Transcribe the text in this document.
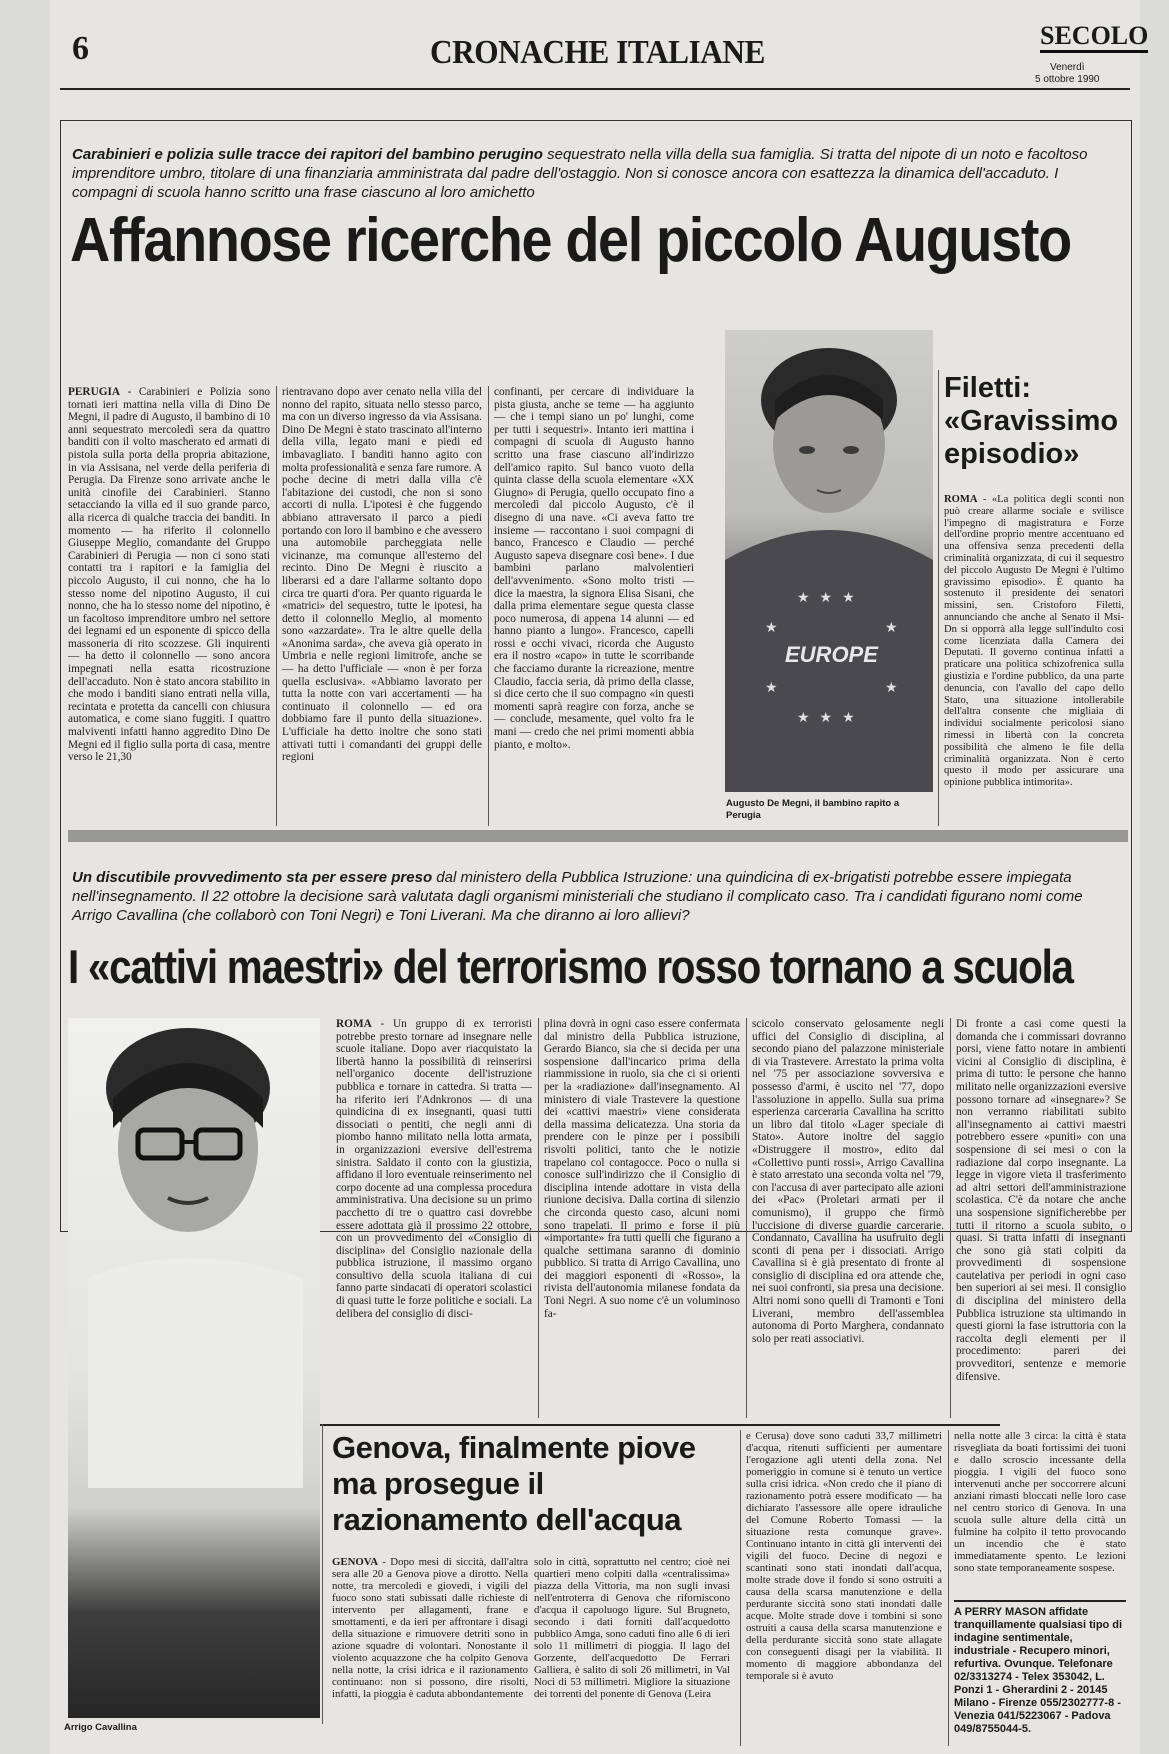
6	CRONACHE ITALIANE	SECOLO
Venerdì
5 ottobre 1990
Carabinieri e polizia sulle tracce dei rapitori del bambino perugino sequestrato nella villa della sua famiglia. Si tratta del nipote di un noto e facoltoso imprenditore umbro, titolare di una finanziaria amministrata dal padre dell'ostaggio. Non si conosce ancora con esattezza la dinamica dell'accaduto. I compagni di scuola hanno scritto una frase ciascuno al loro amichetto
Affannose ricerche del piccolo Augusto
PERUGIA - Carabinieri e Polizia sono tornati ieri mattina nella villa di Dino De Megni, il padre di Augusto, il bambino di 10 anni sequestrato mercoledì sera da quattro banditi con il volto mascherato ed armati di pistola sulla porta della propria abitazione, in via Assisana, nel verde della periferia di Perugia. Da Firenze sono arrivate anche le unità cinofile dei Carabinieri. Stanno setacciando la villa ed il suo grande parco, alla ricerca di qualche traccia dei banditi. In momento — ha riferito il colonnello Giuseppe Meglio, comandante del Gruppo Carabinieri di Perugia — non ci sono stati contatti tra i rapitori e la famiglia del piccolo Augusto, il cui nonno, che ha lo stesso nome del nipotino Augusto, il cui nonno, che ha lo stesso nome del nipotino, è un facoltoso imprenditore umbro nel settore dei legnami ed un esponente di spicco della massoneria di rito scozzese. Gli inquirenti — ha detto il colonnello — sono ancora impegnati nella esatta ricostruzione dell'accaduto. Non è stato ancora stabilito in che modo i banditi siano entrati nella villa, recintata e protetta da cancelli con chiusura automatica, e come siano fuggiti. I quattro malviventi infatti hanno aggredito Dino De Megni ed il figlio sulla porta di casa, mentre verso le 21,30
rientravano dopo aver cenato nella villa del nonno del rapito, situata nello stesso parco, ma con un diverso ingresso da via Assisana. Dino De Megni è stato trascinato all'interno della villa, legato mani e piedi ed imbavagliato. I banditi hanno agito con molta professionalità e senza fare rumore. A poche decine di metri dalla villa c'è l'abitazione dei custodi, che non si sono accorti di nulla. L'ipotesi è che fuggendo abbiano attraversato il parco a piedi portando con loro il bambino e che avessero una automobile parcheggiata nelle vicinanze, ma comunque all'esterno del recinto. Dino De Megni è riuscito a liberarsi ed a dare l'allarme soltanto dopo circa tre quarti d'ora. Per quanto riguarda le «matrici» del sequestro, tutte le ipotesi, ha detto il colonnello Meglio, al momento sono «azzardate». Tra le altre quelle della «Anonima sarda», che aveva già operato in Umbria e nelle regioni limitrofe, anche se — ha detto l'ufficiale — «non è per forza quella esclusiva». «Abbiamo lavorato per tutta la notte con vari accertamenti — ha continuato il colonnello — ed ora dobbiamo fare il punto della situazione». L'ufficiale ha detto inoltre che sono stati attivati tutti i comandanti dei gruppi delle regioni
confinanti, per cercare di individuare la pista giusta, anche se teme — ha aggiunto — che i tempi siano un po' lunghi, come per tutti i sequestri». Intanto ieri mattina i compagni di scuola di Augusto hanno scritto una frase ciascuno all'indirizzo dell'amico rapito. Sul banco vuoto della quinta classe della scuola elementare «XX Giugno» di Perugia, quello occupato fino a mercoledì dal piccolo Augusto, c'è il disegno di una nave. «Ci aveva fatto tre insieme — raccontano i suoi compagni di banco, Francesco e Claudio — perché Augusto sapeva disegnare così bene». I due bambini parlano malvolentieri dell'avvenimento. «Sono molto tristi — dice la maestra, la signora Elisa Sisani, che dalla prima elementare segue questa classe poco numerosa, di appena 14 alunni — ed hanno pianto a lungo». Francesco, capelli rossi e occhi vivaci, ricorda che Augusto era il nostro «capo» in tutte le scorribande che facciamo durante la ricreazione, mentre Claudio, faccia seria, dà primo della classe, si dice certo che il suo compagno «in questi momenti saprà reagire con forza, anche se — conclude, mesamente, quel volto fra le mani — credo che nei primi momenti abbia pianto, e molto».
EUROPE
★★★
★	★
★	★
★★★
Augusto De Megni, il bambino rapito a Perugia
Filetti: «Gravissimo episodio»
ROMA - «La politica degli sconti non può creare allarme sociale e svilisce l'impegno di magistratura e Forze dell'ordine proprio mentre accentuano ed una offensiva senza precedenti della criminalità organizzata, di cui il sequestro del piccolo Augusto De Megni è l'ultimo gravissimo episodio». È quanto ha sostenuto il presidente dei senatori missini, sen. Cristoforo Filetti, annunciando che anche al Senato il Msi-Dn si opporrà alla legge sull'indulto così come licenziata dalla Camera dei Deputati. Il governo continua infatti a praticare una politica schizofrenica sulla giustizia e l'ordine pubblico, da una parte denuncia, con l'avallo del capo dello Stato, una situazione intollerabile dell'altra consente che migliaia di individui socialmente pericolosi siano rimessi in libertà con la concreta possibilità che almeno le file della criminalità organizzata. Non è certo questo il modo per assicurare una opinione pubblica intimorita».
Un discutibile provvedimento sta per essere preso dal ministero della Pubblica Istruzione: una quindicina di ex-brigatisti potrebbe essere impiegata nell'insegnamento. Il 22 ottobre la decisione sarà valutata dagli organismi ministeriali che studiano il complicato caso. Tra i candidati figurano nomi come Arrigo Cavallina (che collaborò con Toni Negri) e Toni Liverani. Ma che diranno ai loro allievi?
I «cattivi maestri» del terrorismo rosso tornano a scuola
Arrigo Cavallina
ROMA - Un gruppo di ex terroristi potrebbe presto tornare ad insegnare nelle scuole italiane. Dopo aver riacquistato la libertà hanno la possibilità di reinserirsi nell'organico docente dell'istruzione pubblica e tornare in cattedra. Si tratta — ha riferito ieri l'Adnkronos — di una quindicina di ex insegnanti, quasi tutti dissociati o pentiti, che negli anni di piombo hanno militato nella lotta armata, in organizzazioni eversive dell'estrema sinistra. Saldato il conto con la giustizia, affidano il loro eventuale reinserimento nel corpo docente ad una complessa procedura amministrativa. Una decisione su un primo pacchetto di tre o quattro casi dovrebbe essere adottata già il prossimo 22 ottobre, con un provvedimento del «Consiglio di disciplina» del Consiglio nazionale della pubblica istruzione, il massimo organo consultivo della scuola italiana di cui fanno parte sindacati di operatori scolastici di quasi tutte le forze politiche e sociali. La delibera del consiglio di disci-
plina dovrà in ogni caso essere confermata dal ministro della Pubblica istruzione, Gerardo Bianco, sia che si decida per una sospensione dall'incarico prima della riammissione in ruolo, sia che ci si orienti per la «radiazione» dall'insegnamento. Al ministero di viale Trastevere la questione dei «cattivi maestri» viene considerata della massima delicatezza. Una storia da prendere con le pinze per i possibili risvolti politici, tanto che le notizie trapelano col contagocce. Poco o nulla si conosce sull'indirizzo che il Consiglio di disciplina intende adottare in vista della riunione decisiva. Dalla cortina di silenzio che circonda questo caso, alcuni nomi sono trapelati. Il primo e forse il più «importante» fra tutti quelli che figurano a qualche settimana saranno di dominio pubblico. Si tratta di Arrigo Cavallina, uno dei maggiori esponenti di «Rosso», la rivista dell'autonomia milanese fondata da Toni Negri. A suo nome c'è un voluminoso fa-
scicolo conservato gelosamente negli uffici del Consiglio di disciplina, al secondo piano del palazzone ministeriale di via Trastevere. Arrestato la prima volta nel '75 per associazione sovversiva e possesso d'armi, è uscito nel '77, dopo l'assoluzione in appello. Sulla sua prima esperienza carceraria Cavallina ha scritto un libro dal titolo «Lager speciale di Stato». Autore inoltre del saggio «Distruggere il mostro», edito dal «Collettivo punti rossi», Arrigo Cavallina è stato arrestato una seconda volta nel '79, con l'accusa di aver partecipato alle azioni dei «Pac» (Proletari armati per il comunismo), il gruppo che firmò l'uccisione di diverse guardie carcerarie. Condannato, Cavallina ha usufruito degli sconti di pena per i dissociati. Arrigo Cavallina si è già presentato di fronte al consiglio di disciplina ed ora attende che, nei suoi confronti, sia presa una decisione. Altri nomi sono quelli di Tramonti e Toni Liverani, membro dell'assemblea autonoma di Porto Marghera, condannato solo per reati associativi.
Di fronte a casi come questi la domanda che i commissari dovranno porsi, viene fatto notare in ambienti vicini al Consiglio di disciplina, è prima di tutto: le persone che hanno militato nelle organizzazioni eversive possono tornare ad «insegnare»? Se non verranno riabilitati subito all'insegnamento ai cattivi maestri potrebbero essere «puniti» con una sospensione di sei mesi o con la radiazione dal corpo insegnante. La legge in vigore vieta il trasferimento ad altri settori dell'amministrazione scolastica. C'è da notare che anche una sospensione significherebbe per tutti il ritorno a scuola subito, o quasi. Si tratta infatti di insegnanti che sono già stati colpiti da provvedimenti di sospensione cautelativa per periodi in ogni caso ben superiori ai sei mesi. Il consiglio di disciplina del ministero della Pubblica istruzione sta ultimando in questi giorni la fase istruttoria con la raccolta degli elementi per il procedimento: pareri dei provveditori, sentenze e memorie difensive.
Genova, finalmente piove ma prosegue il razionamento dell'acqua
GENOVA - Dopo mesi di siccità, dall'altra sera alle 20 a Genova piove a dirotto. Nella notte, tra mercoledì e giovedì, i vigili del fuoco sono stati subissati dalle richieste di intervento per allagamenti, frane e smottamenti, e da ieri per affrontare i disagi della situazione e rimuovere detriti sono in azione squadre di volontari. Nonostante il violento acquazzone che ha colpito Genova nella notte, la crisi idrica e il razionamento continuano: non si possono, dire risolti, infatti, la pioggia è caduta abbondantemente
solo in città, soprattutto nel centro; cioè nei quartieri meno colpiti dalla «centralissima» piazza della Vittoria, ma non sugli invasi nell'entroterra di Genova che riforniscono d'acqua il capoluogo ligure. Sul Brugneto, secondo i dati forniti dall'acquedotto pubblico Amga, sono caduti fino alle 6 di ieri solo 11 millimetri di pioggia. Il lago del Gorzente, dell'acquedotto De Ferrari Galliera, è salito di soli 26 millimetri, in Val Noci di 53 millimetri. Migliore la situazione dei torrenti del ponente di Genova (Leira
e Cerusa) dove sono caduti 33,7 millimetri d'acqua, ritenuti sufficienti per aumentare l'erogazione agli utenti della zona. Nel pomeriggio in comune si è tenuto un vertice sulla crisi idrica. «Non credo che il piano di razionamento potrà essere modificato — ha dichiarato l'assessore alle opere idrauliche del Comune Roberto Tomassi — la situazione resta comunque grave». Continuano intanto in città gli interventi dei vigili del fuoco. Decine di negozi e scantinati sono stati inondati dall'acqua, molte strade dove il fondo si sono ostruiti a causa della scarsa manutenzione e della perdurante siccità sono stati inondati dalle acque. Molte strade dove i tombini si sono ostruiti a causa della scarsa manutenzione e della perdurante siccità sono state allagate con conseguenti disagi per la viabilità. Il momento di maggiore abbondanza del temporale si è avuto
nella notte alle 3 circa: la città è stata risvegliata da boati fortissimi dei tuoni e dallo scroscio incessante della pioggia. I vigili del fuoco sono intervenuti anche per soccorrere alcuni anziani rimasti bloccati nelle loro case nel centro storico di Genova. In una scuola sulle alture della città un fulmine ha colpito il tetto provocando un incendio che è stato immediatamente spento. Le lezioni sono state temporaneamente sospese.
A PERRY MASON affidate tranquillamente qualsiasi tipo di indagine sentimentale, industriale - Recupero minori, refurtiva. Ovunque. Telefonare 02/3313274 - Telex 353042, L. Ponzi 1 - Gherardini 2 - 20145 Milano - Firenze 055/2302777-8 - Venezia 041/5223067 - Padova 049/8755044-5.
